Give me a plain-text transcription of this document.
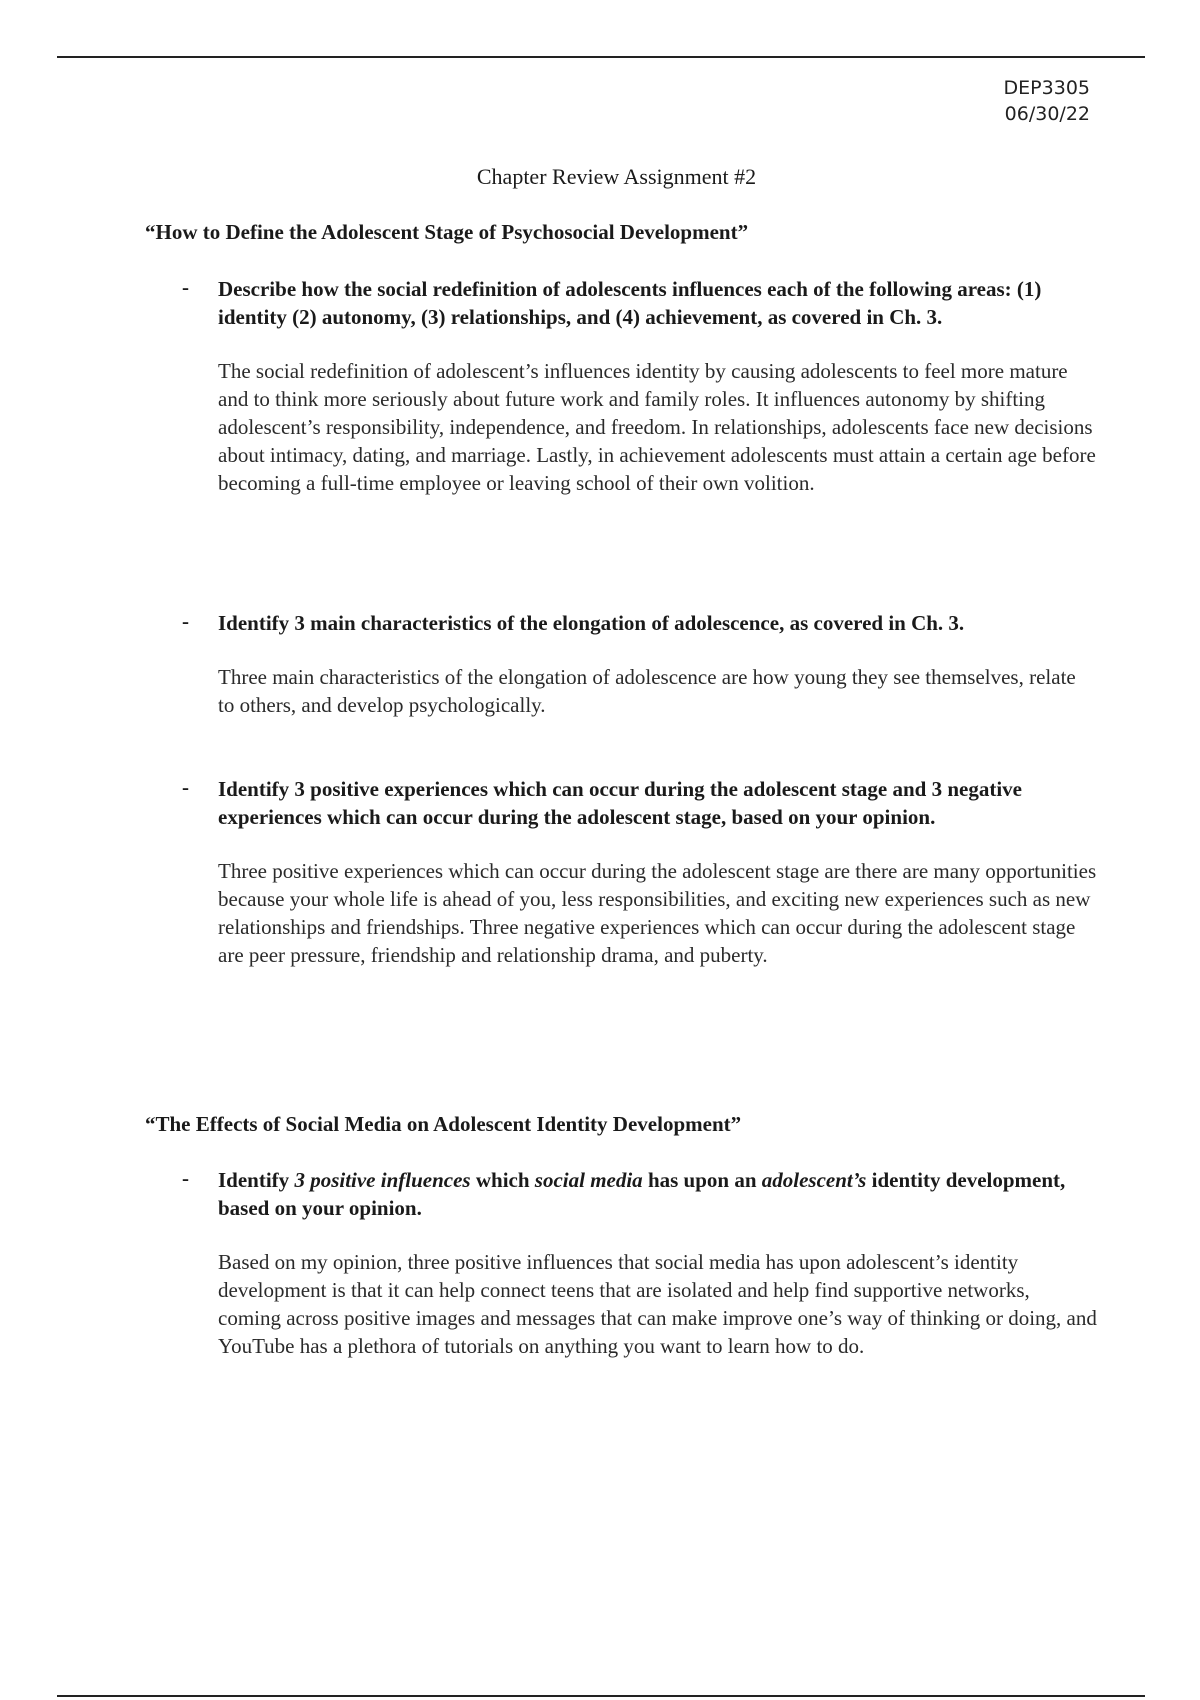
DEP3305
06/30/22
Chapter Review Assignment #2
“How to Define the Adolescent Stage of Psychosocial Development”
- Describe how the social redefinition of adolescents influences each of the following areas: (1) identity (2) autonomy, (3) relationships, and (4) achievement, as covered in Ch. 3.
The social redefinition of adolescent’s influences identity by causing adolescents to feel more mature and to think more seriously about future work and family roles. It influences autonomy by shifting adolescent’s responsibility, independence, and freedom. In relationships, adolescents face new decisions about intimacy, dating, and marriage. Lastly, in achievement adolescents must attain a certain age before becoming a full-time employee or leaving school of their own volition.
- Identify 3 main characteristics of the elongation of adolescence, as covered in Ch. 3.
Three main characteristics of the elongation of adolescence are how young they see themselves, relate to others, and develop psychologically.
- Identify 3 positive experiences which can occur during the adolescent stage and 3 negative experiences which can occur during the adolescent stage, based on your opinion.
Three positive experiences which can occur during the adolescent stage are there are many opportunities because your whole life is ahead of you, less responsibilities, and exciting new experiences such as new relationships and friendships. Three negative experiences which can occur during the adolescent stage are peer pressure, friendship and relationship drama, and puberty.
“The Effects of Social Media on Adolescent Identity Development”
- Identify 3 positive influences which social media has upon an adolescent’s identity development, based on your opinion.
Based on my opinion, three positive influences that social media has upon adolescent’s identity development is that it can help connect teens that are isolated and help find supportive networks, coming across positive images and messages that can make improve one’s way of thinking or doing, and YouTube has a plethora of tutorials on anything you want to learn how to do.
